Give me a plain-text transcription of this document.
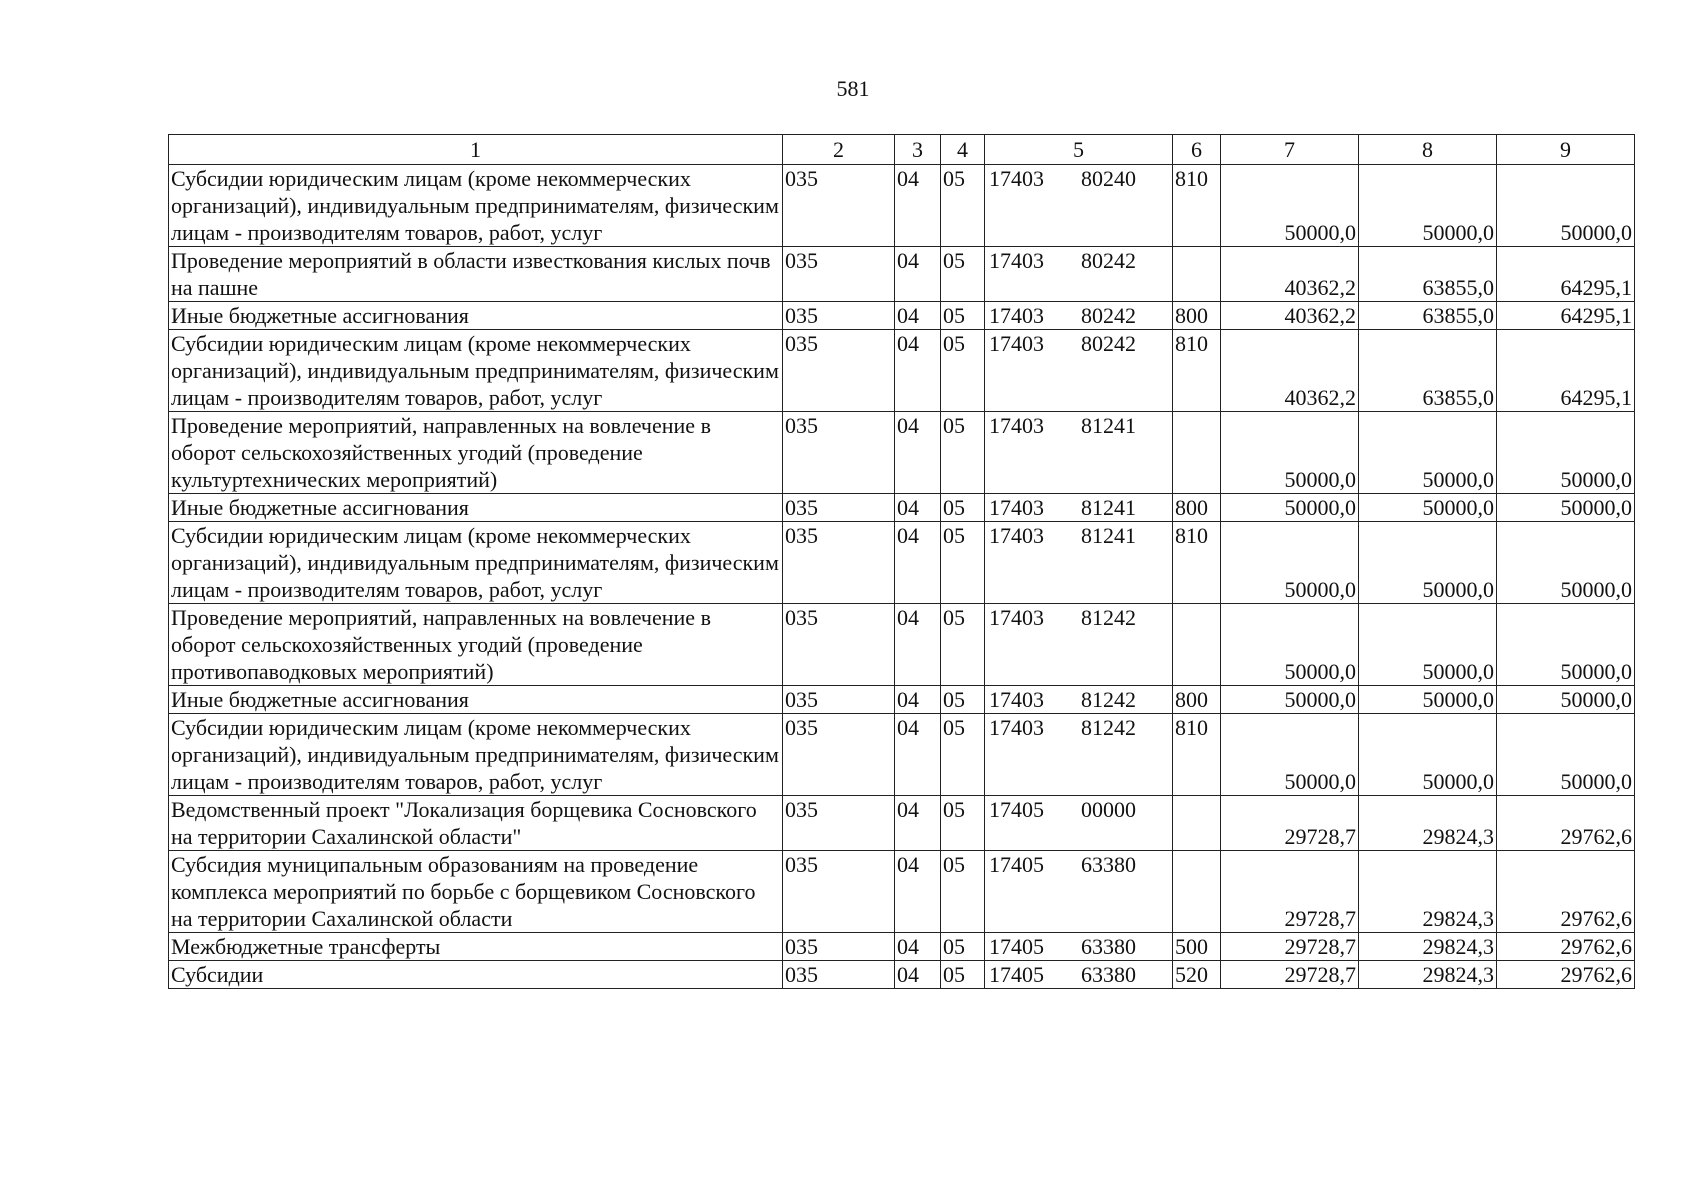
581
1	2	3	4	5	6	7	8	9
Субсидии юридическим лицам (кроме некоммерческих организаций), индивидуальным предпринимателям, физическим лицам - производителям товаров, работ, услуг	035	04	05	17403 80240	810	50000,0	50000,0	50000,0
Проведение мероприятий в области известкования кислых почв на пашне	035	04	05	17403 80242		40362,2	63855,0	64295,1
Иные бюджетные ассигнования	035	04	05	17403 80242	800	40362,2	63855,0	64295,1
Субсидии юридическим лицам (кроме некоммерческих организаций), индивидуальным предпринимателям, физическим лицам - производителям товаров, работ, услуг	035	04	05	17403 80242	810	40362,2	63855,0	64295,1
Проведение мероприятий, направленных на вовлечение в оборот сельскохозяйственных угодий (проведение культуртехнических мероприятий)	035	04	05	17403 81241		50000,0	50000,0	50000,0
Иные бюджетные ассигнования	035	04	05	17403 81241	800	50000,0	50000,0	50000,0
Субсидии юридическим лицам (кроме некоммерческих организаций), индивидуальным предпринимателям, физическим лицам - производителям товаров, работ, услуг	035	04	05	17403 81241	810	50000,0	50000,0	50000,0
Проведение мероприятий, направленных на вовлечение в оборот сельскохозяйственных угодий (проведение противопаводковых мероприятий)	035	04	05	17403 81242		50000,0	50000,0	50000,0
Иные бюджетные ассигнования	035	04	05	17403 81242	800	50000,0	50000,0	50000,0
Субсидии юридическим лицам (кроме некоммерческих организаций), индивидуальным предпринимателям, физическим лицам - производителям товаров, работ, услуг	035	04	05	17403 81242	810	50000,0	50000,0	50000,0
Ведомственный проект "Локализация борщевика Сосновского на территории Сахалинской области"	035	04	05	17405 00000		29728,7	29824,3	29762,6
Субсидия муниципальным образованиям на проведение комплекса мероприятий по борьбе с борщевиком Сосновского на территории Сахалинской области	035	04	05	17405 63380		29728,7	29824,3	29762,6
Межбюджетные трансферты	035	04	05	17405 63380	500	29728,7	29824,3	29762,6
Субсидии	035	04	05	17405 63380	520	29728,7	29824,3	29762,6
